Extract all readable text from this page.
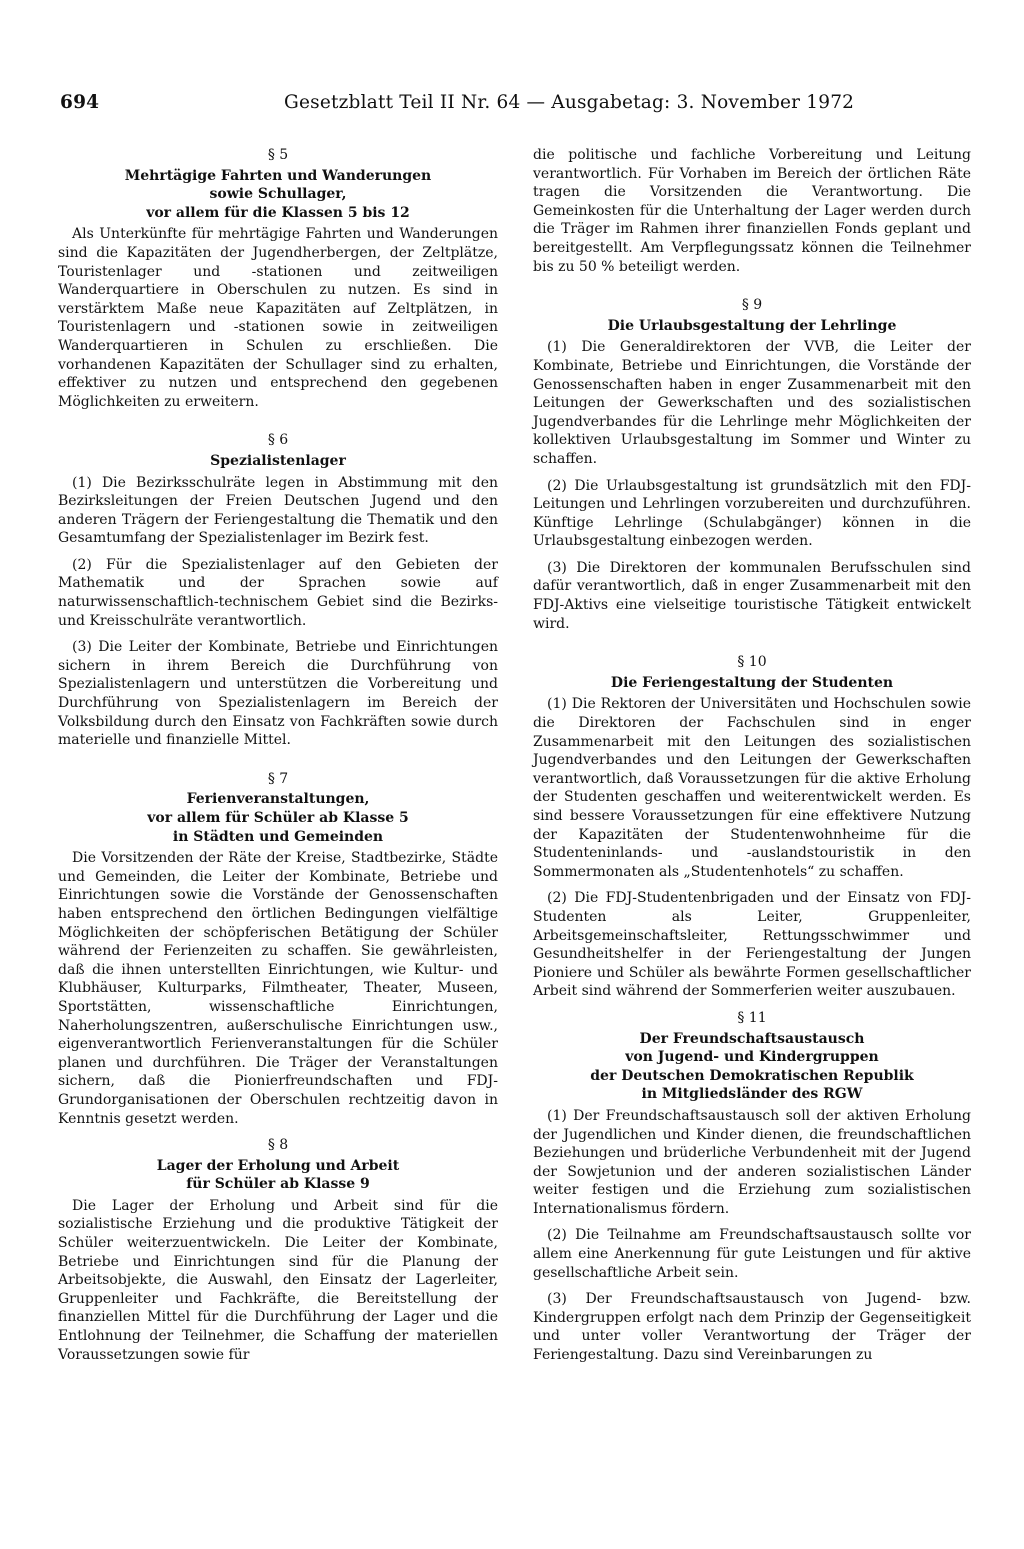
694	Gesetzblatt Teil II Nr. 64 — Ausgabetag: 3. November 1972
§ 5
Mehrtägige Fahrten und Wanderungen
sowie Schullager,
vor allem für die Klassen 5 bis 12

Als Unterkünfte für mehrtägige Fahrten und Wanderungen sind die Kapazitäten der Jugendherbergen, der Zeltplätze, Touristenlager und -stationen und zeitweiligen Wanderquartiere in Oberschulen zu nutzen. Es sind in verstärktem Maße neue Kapazitäten auf Zeltplätzen, in Touristenlagern und -stationen sowie in zeitweiligen Wanderquartieren in Schulen zu erschließen. Die vorhandenen Kapazitäten der Schullager sind zu erhalten, effektiver zu nutzen und entsprechend den gegebenen Möglichkeiten zu erweitern.

§ 6
Spezialistenlager

(1) Die Bezirksschulräte legen in Abstimmung mit den Bezirksleitungen der Freien Deutschen Jugend und den anderen Trägern der Feriengestaltung die Thematik und den Gesamtumfang der Spezialistenlager im Bezirk fest.

(2) Für die Spezialistenlager auf den Gebieten der Mathematik und der Sprachen sowie auf naturwissenschaftlich-technischem Gebiet sind die Bezirks- und Kreisschulräte verantwortlich.

(3) Die Leiter der Kombinate, Betriebe und Einrichtungen sichern in ihrem Bereich die Durchführung von Spezialistenlagern und unterstützen die Vorbereitung und Durchführung von Spezialistenlagern im Bereich der Volksbildung durch den Einsatz von Fachkräften sowie durch materielle und finanzielle Mittel.

§ 7
Ferienveranstaltungen,
vor allem für Schüler ab Klasse 5
in Städten und Gemeinden

Die Vorsitzenden der Räte der Kreise, Stadtbezirke, Städte und Gemeinden, die Leiter der Kombinate, Betriebe und Einrichtungen sowie die Vorstände der Genossenschaften haben entsprechend den örtlichen Bedingungen vielfältige Möglichkeiten der schöpferischen Betätigung der Schüler während der Ferienzeiten zu schaffen. Sie gewährleisten, daß die ihnen unterstellten Einrichtungen, wie Kultur- und Klubhäuser, Kulturparks, Filmtheater, Theater, Museen, Sportstätten, wissenschaftliche Einrichtungen, Naherholungszentren, außerschulische Einrichtungen usw., eigenverantwortlich Ferienveranstaltungen für die Schüler planen und durchführen. Die Träger der Veranstaltungen sichern, daß die Pionierfreundschaften und FDJ-Grundorganisationen der Oberschulen rechtzeitig davon in Kenntnis gesetzt werden.

§ 8
Lager der Erholung und Arbeit
für Schüler ab Klasse 9

Die Lager der Erholung und Arbeit sind für die sozialistische Erziehung und die produktive Tätigkeit der Schüler weiterzuentwickeln. Die Leiter der Kombinate, Betriebe und Einrichtungen sind für die Planung der Arbeitsobjekte, die Auswahl, den Einsatz der Lagerleiter, Gruppenleiter und Fachkräfte, die Bereitstellung der finanziellen Mittel für die Durchführung der Lager und die Entlohnung der Teilnehmer, die Schaffung der materiellen Voraussetzungen sowie für

die politische und fachliche Vorbereitung und Leitung verantwortlich. Für Vorhaben im Bereich der örtlichen Räte tragen die Vorsitzenden die Verantwortung. Die Gemeinkosten für die Unterhaltung der Lager werden durch die Träger im Rahmen ihrer finanziellen Fonds geplant und bereitgestellt. Am Verpflegungssatz können die Teilnehmer bis zu 50 % beteiligt werden.

§ 9
Die Urlaubsgestaltung der Lehrlinge

(1) Die Generaldirektoren der VVB, die Leiter der Kombinate, Betriebe und Einrichtungen, die Vorstände der Genossenschaften haben in enger Zusammenarbeit mit den Leitungen der Gewerkschaften und des sozialistischen Jugendverbandes für die Lehrlinge mehr Möglichkeiten der kollektiven Urlaubsgestaltung im Sommer und Winter zu schaffen.

(2) Die Urlaubsgestaltung ist grundsätzlich mit den FDJ-Leitungen und Lehrlingen vorzubereiten und durchzuführen. Künftige Lehrlinge (Schulabgänger) können in die Urlaubsgestaltung einbezogen werden.

(3) Die Direktoren der kommunalen Berufsschulen sind dafür verantwortlich, daß in enger Zusammenarbeit mit den FDJ-Aktivs eine vielseitige touristische Tätigkeit entwickelt wird.

§ 10
Die Feriengestaltung der Studenten

(1) Die Rektoren der Universitäten und Hochschulen sowie die Direktoren der Fachschulen sind in enger Zusammenarbeit mit den Leitungen des sozialistischen Jugendverbandes und den Leitungen der Gewerkschaften verantwortlich, daß Voraussetzungen für die aktive Erholung der Studenten geschaffen und weiterentwickelt werden. Es sind bessere Voraussetzungen für eine effektivere Nutzung der Kapazitäten der Studentenwohnheime für die Studenteninlands- und -auslandstouristik in den Sommermonaten als „Studentenhotels“ zu schaffen.

(2) Die FDJ-Studentenbrigaden und der Einsatz von FDJ-Studenten als Leiter, Gruppenleiter, Arbeitsgemeinschaftsleiter, Rettungsschwimmer und Gesundheitshelfer in der Feriengestaltung der Jungen Pioniere und Schüler als bewährte Formen gesellschaftlicher Arbeit sind während der Sommerferien weiter auszubauen.

§ 11
Der Freundschaftsaustausch
von Jugend- und Kindergruppen
der Deutschen Demokratischen Republik
in Mitgliedsländer des RGW

(1) Der Freundschaftsaustausch soll der aktiven Erholung der Jugendlichen und Kinder dienen, die freundschaftlichen Beziehungen und brüderliche Verbundenheit mit der Jugend der Sowjetunion und der anderen sozialistischen Länder weiter festigen und die Erziehung zum sozialistischen Internationalismus fördern.

(2) Die Teilnahme am Freundschaftsaustausch sollte vor allem eine Anerkennung für gute Leistungen und für aktive gesellschaftliche Arbeit sein.

(3) Der Freundschaftsaustausch von Jugend- bzw. Kindergruppen erfolgt nach dem Prinzip der Gegenseitigkeit und unter voller Verantwortung der Träger der Feriengestaltung. Dazu sind Vereinbarungen zu
